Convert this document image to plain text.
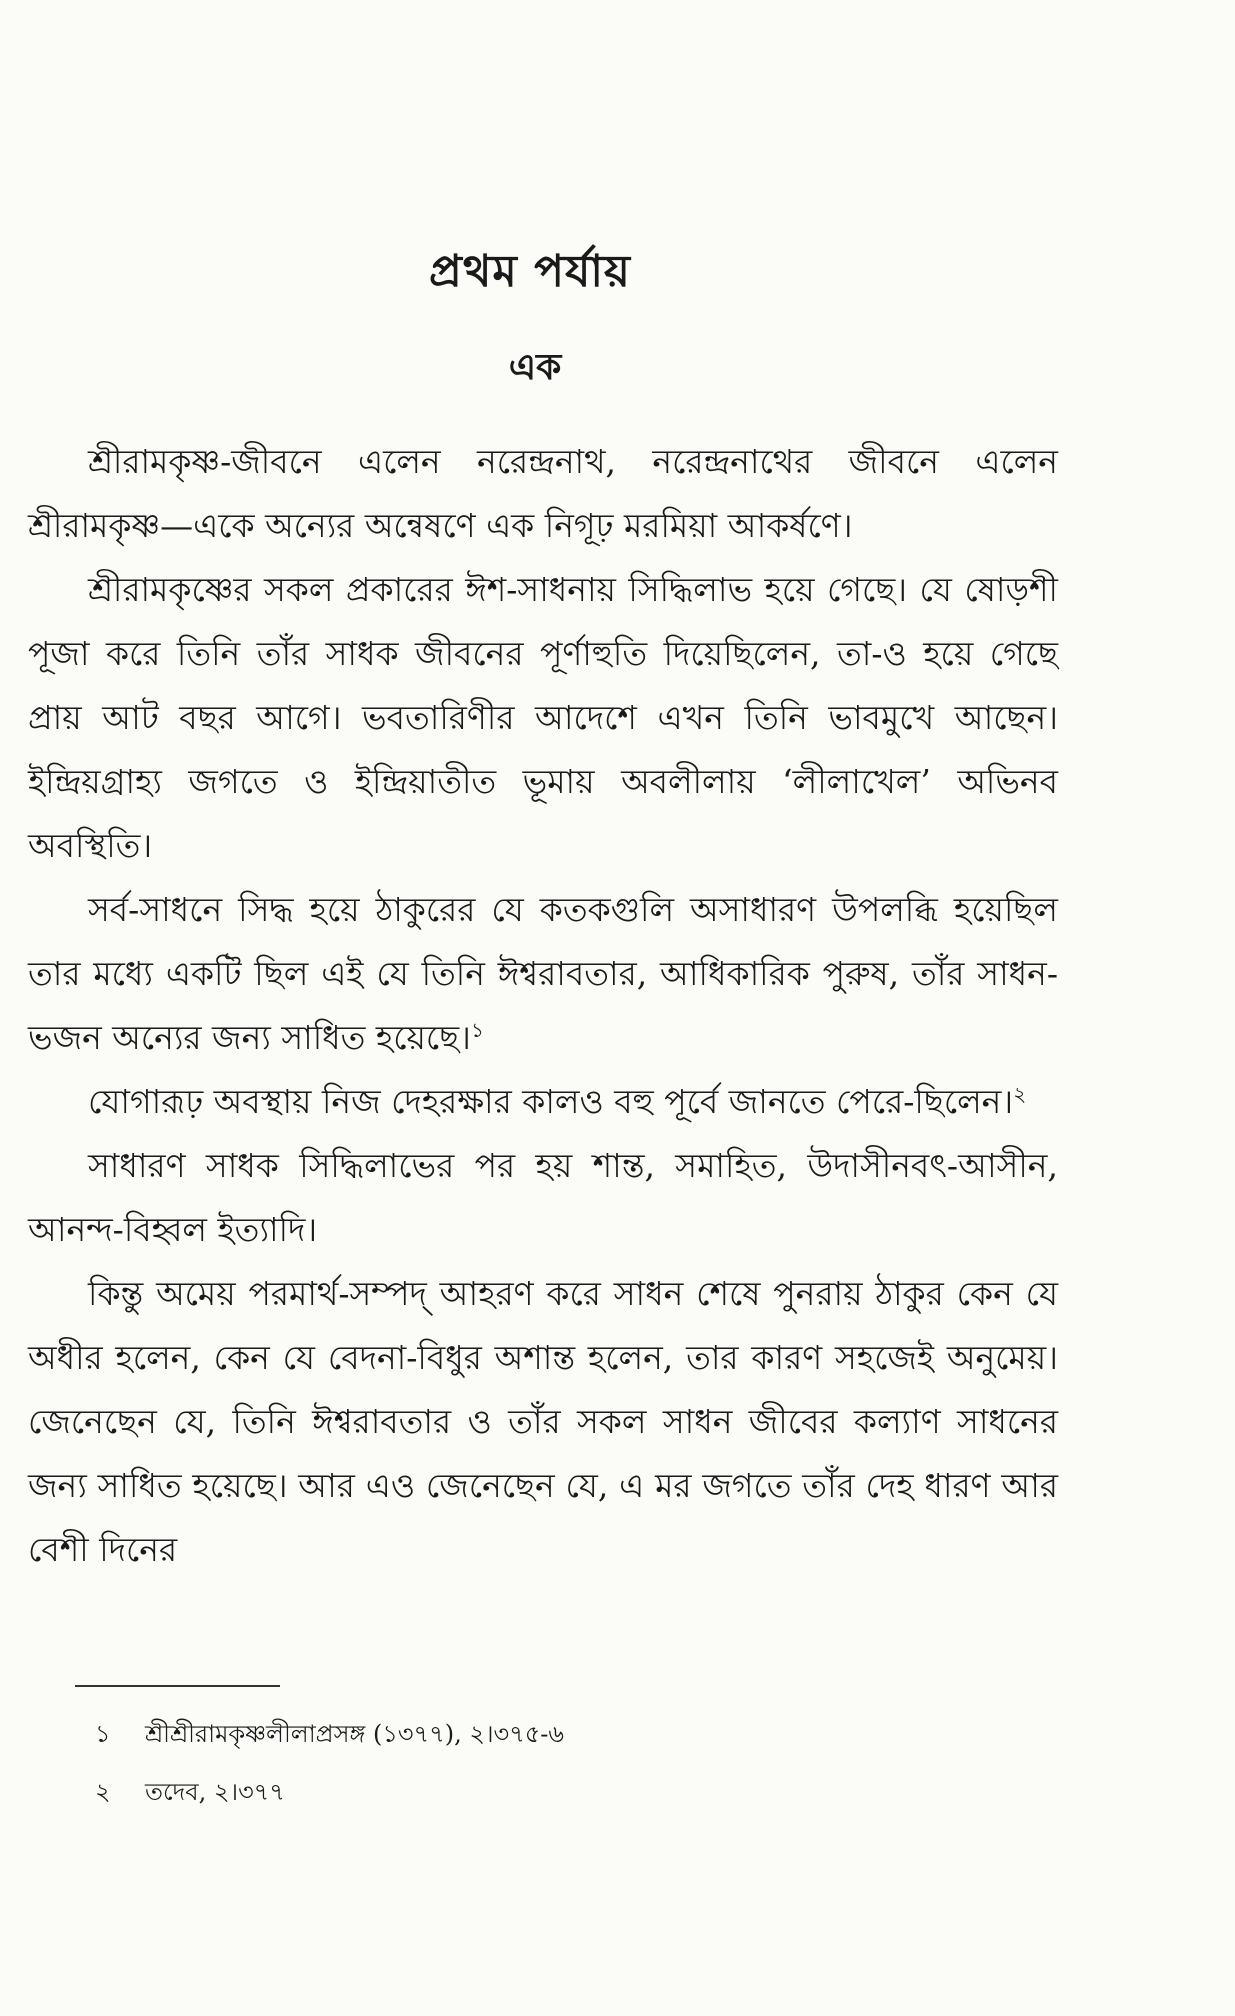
প্রথম পর্যায়
এক

শ্রীরামকৃষ্ণ-জীবনে এলেন নরেন্দ্রনাথ, নরেন্দ্রনাথের জীবনে এলেন শ্রীরামকৃষ্ণ—একে অন্যের অন্বেষণে এক নিগূঢ় মরমিয়া আকর্ষণে।

শ্রীরামকৃষ্ণের সকল প্রকারের ঈশ-সাধনায় সিদ্ধিলাভ হয়ে গেছে। যে ষোড়শী পূজা করে তিনি তাঁর সাধক জীবনের পূর্ণাহুতি দিয়েছিলেন, তা-ও হয়ে গেছে প্রায় আট বছর আগে। ভবতারিণীর আদেশে এখন তিনি ভাবমুখে আছেন। ইন্দ্রিয়গ্রাহ্য জগতে ও ইন্দ্রিয়াতীত ভূমায় অবলীলায় ‘লীলাখেল’ অভিনব অবস্থিতি।

সর্ব-সাধনে সিদ্ধ হয়ে ঠাকুরের যে কতকগুলি অসাধারণ উপলব্ধি হয়েছিল তার মধ্যে একটি ছিল এই যে তিনি ঈশ্বরাবতার, আধিকারিক পুরুষ, তাঁর সাধন-ভজন অন্যের জন্য সাধিত হয়েছে।$^১$

যোগারূঢ় অবস্থায় নিজ দেহরক্ষার কালও বহু পূর্বে জানতে পেরে-ছিলেন।$^২$

সাধারণ সাধক সিদ্ধিলাভের পর হয় শান্ত, সমাহিত, উদাসীনবৎ-আসীন, আনন্দ-বিহ্বল ইত্যাদি।

কিন্তু অমেয় পরমার্থ-সম্পদ্ আহরণ করে সাধন শেষে পুনরায় ঠাকুর কেন যে অধীর হলেন, কেন যে বেদনা-বিধুর অশান্ত হলেন, তার কারণ সহজেই অনুমেয়। জেনেছেন যে, তিনি ঈশ্বরাবতার ও তাঁর সকল সাধন জীবের কল্যাণ সাধনের জন্য সাধিত হয়েছে। আর এও জেনেছেন যে, এ মর জগতে তাঁর দেহ ধারণ আর বেশী দিনের

১	শ্রীশ্রীরামকৃষ্ণলীলাপ্রসঙ্গ (১৩৭৭), ২।৩৭৫-৬
২	তদেব, ২।৩৭৭
